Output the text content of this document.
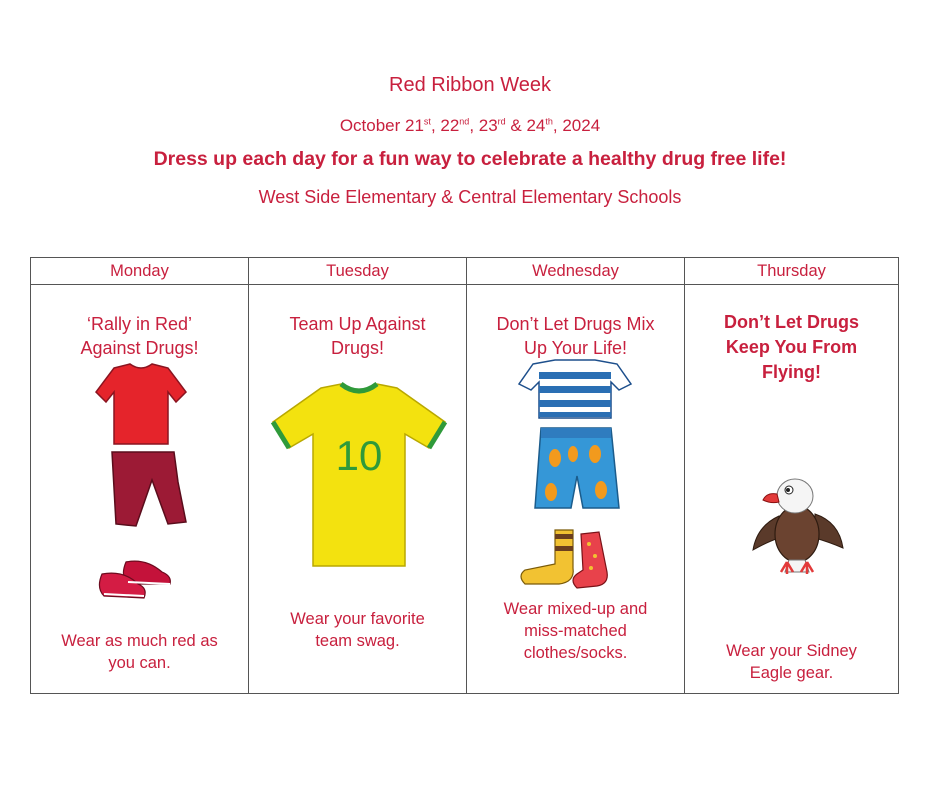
Red Ribbon Week
October 21st, 22nd, 23rd & 24th, 2024
Dress up each day for a fun way to celebrate a healthy drug free life!
West Side Elementary & Central Elementary Schools
Monday
‘Rally in Red’
Against Drugs!
Wear as much red as
you can.
Tuesday
Team Up Against
Drugs!
10
Wear your favorite
team swag.
Wednesday
Don’t Let Drugs Mix
Up Your Life!
Wear mixed-up and
miss-matched
clothes/socks.
Thursday
Don’t Let Drugs
Keep You From
Flying!
Wear your Sidney
Eagle gear.
